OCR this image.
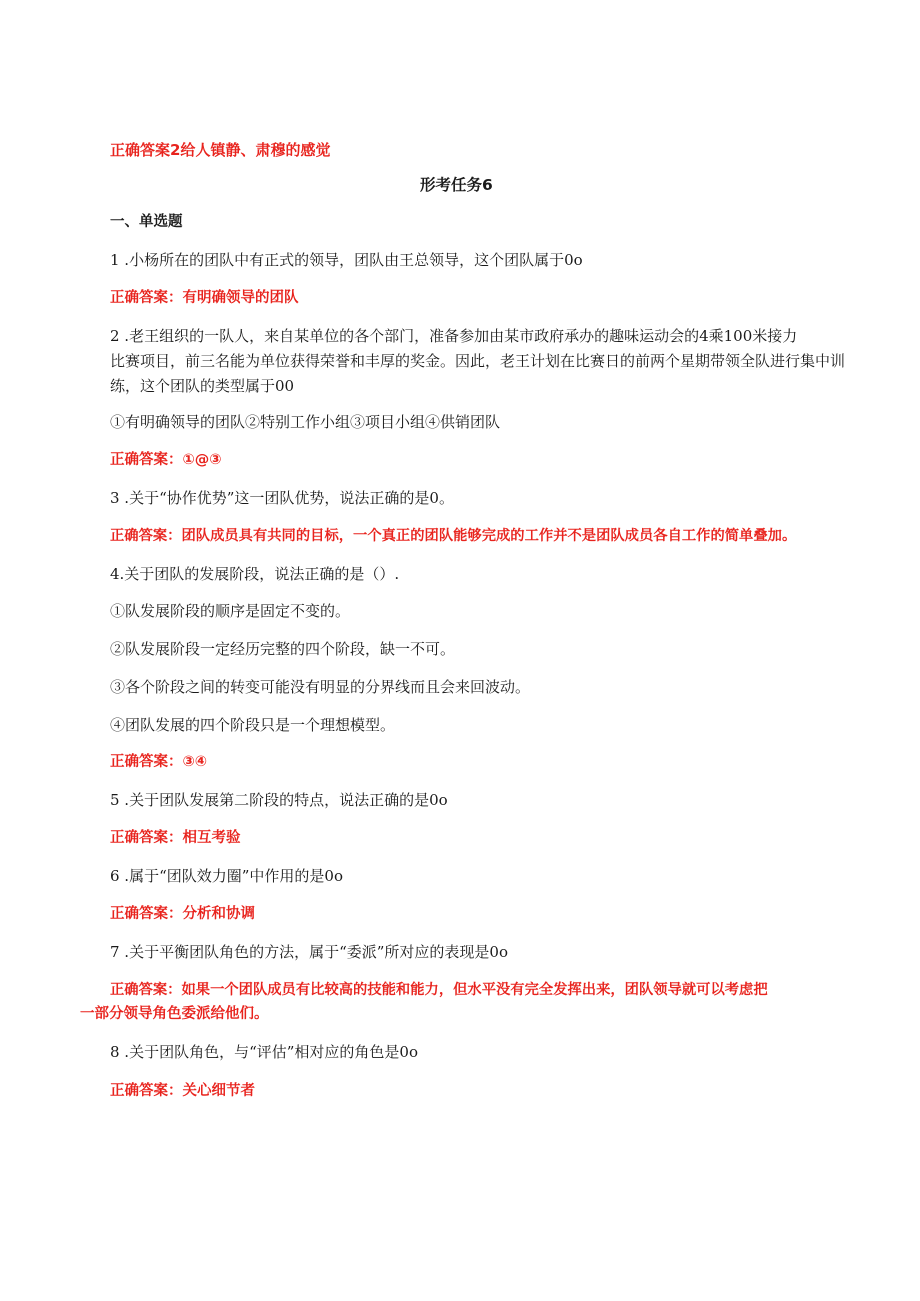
正确答案2给人镇静、肃穆的感觉

形考任务6

一、单选题

1 .小杨所在的团队中有正式的领导，团队由王总领导，这个团队属于0o

正确答案：有明确领导的团队

2 .老王组织的一队人，来自某单位的各个部门，准备参加由某市政府承办的趣味运动会的4乘100米接力

比赛项目，前三名能为单位获得荣誉和丰厚的奖金。因此，老王计划在比赛日的前两个星期带领全队进行集中训

练，这个团队的类型属于00

①有明确领导的团队②特别工作小组③项目小组④供销团队

正确答案：①@③

3 .关于“协作优势”这一团队优势，说法正确的是0。

正确答案：团队成员具有共同的目标，一个真正的团队能够完成的工作并不是团队成员各自工作的简单叠加。

4.关于团队的发展阶段，说法正确的是（）.

①队发展阶段的顺序是固定不变的。

②队发展阶段一定经历完整的四个阶段，缺一不可。

③各个阶段之间的转变可能没有明显的分界线而且会来回波动。

④团队发展的四个阶段只是一个理想模型。

正确答案：③④

5 .关于团队发展第二阶段的特点，说法正确的是0o

正确答案：相互考验

6 .属于“团队效力圈”中作用的是0o

正确答案：分析和协调

7 .关于平衡团队角色的方法，属于“委派”所对应的表现是0o

正确答案：如果一个团队成员有比较高的技能和能力，但水平没有完全发挥出来，团队领导就可以考虑把

一部分领导角色委派给他们。

8 .关于团队角色，与“评估”相对应的角色是0o

正确答案：关心细节者
